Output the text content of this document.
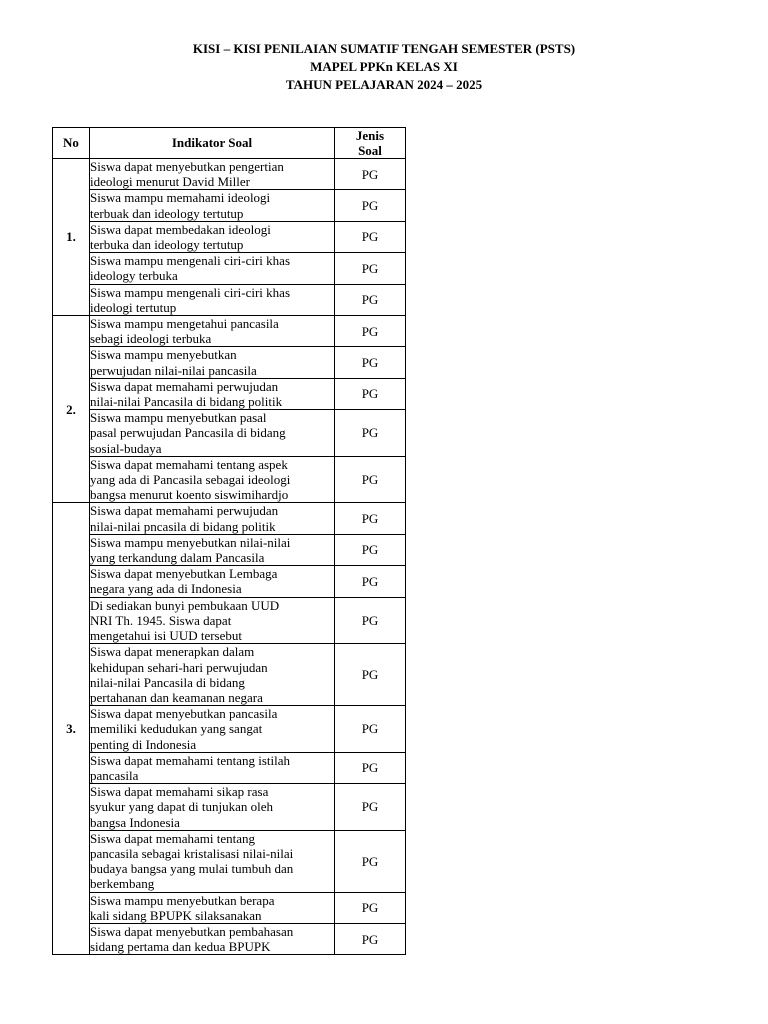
KISI – KISI PENILAIAN SUMATIF TENGAH SEMESTER (PSTS)
MAPEL PPKn KELAS XI
TAHUN PELAJARAN 2024 – 2025
No	Indikator Soal	Jenis
Soal

1.	Siswa dapat menyebutkan pengertian
ideologi menurut David Miller	PG

	Siswa mampu memahami ideologi
terbuak dan ideology tertutup	PG

	Siswa dapat membedakan ideologi
terbuka dan ideology tertutup	PG

	Siswa mampu mengenali ciri-ciri khas
ideology terbuka	PG

	Siswa mampu mengenali ciri-ciri khas
ideologi tertutup	PG
2.	Siswa mampu mengetahui pancasila
sebagi ideologi terbuka	PG

	Siswa mampu menyebutkan
perwujudan nilai-nilai pancasila	PG

	Siswa dapat memahami perwujudan
nilai-nilai Pancasila di bidang politik	PG

	Siswa mampu menyebutkan pasal
pasal perwujudan Pancasila di bidang
sosial-budaya	PG

	Siswa dapat memahami tentang aspek
yang ada di Pancasila sebagai ideologi
bangsa menurut koento siswimihardjo	PG
3.	Siswa dapat memahami perwujudan
nilai-nilai pncasila di bidang politik	PG

	Siswa mampu menyebutkan nilai-nilai
yang terkandung dalam Pancasila	PG

	Siswa dapat menyebutkan Lembaga
negara yang ada di Indonesia	PG

	Di sediakan bunyi pembukaan UUD
NRI Th. 1945. Siswa dapat
mengetahui isi UUD tersebut	PG

	Siswa dapat menerapkan dalam
kehidupan sehari-hari perwujudan
nilai-nilai Pancasila di bidang
pertahanan dan keamanan negara	PG

	Siswa dapat menyebutkan pancasila
memiliki kedudukan yang sangat
penting di Indonesia	PG

	Siswa dapat memahami tentang istilah
pancasila	PG

	Siswa dapat memahami sikap rasa
syukur yang dapat di tunjukan oleh
bangsa Indonesia	PG

	Siswa dapat memahami tentang
pancasila sebagai kristalisasi nilai-nilai
budaya bangsa yang mulai tumbuh dan
berkembang	PG

	Siswa mampu menyebutkan berapa
kali sidang BPUPK silaksanakan	PG

	Siswa dapat menyebutkan pembahasan
sidang pertama dan kedua BPUPK	PG
